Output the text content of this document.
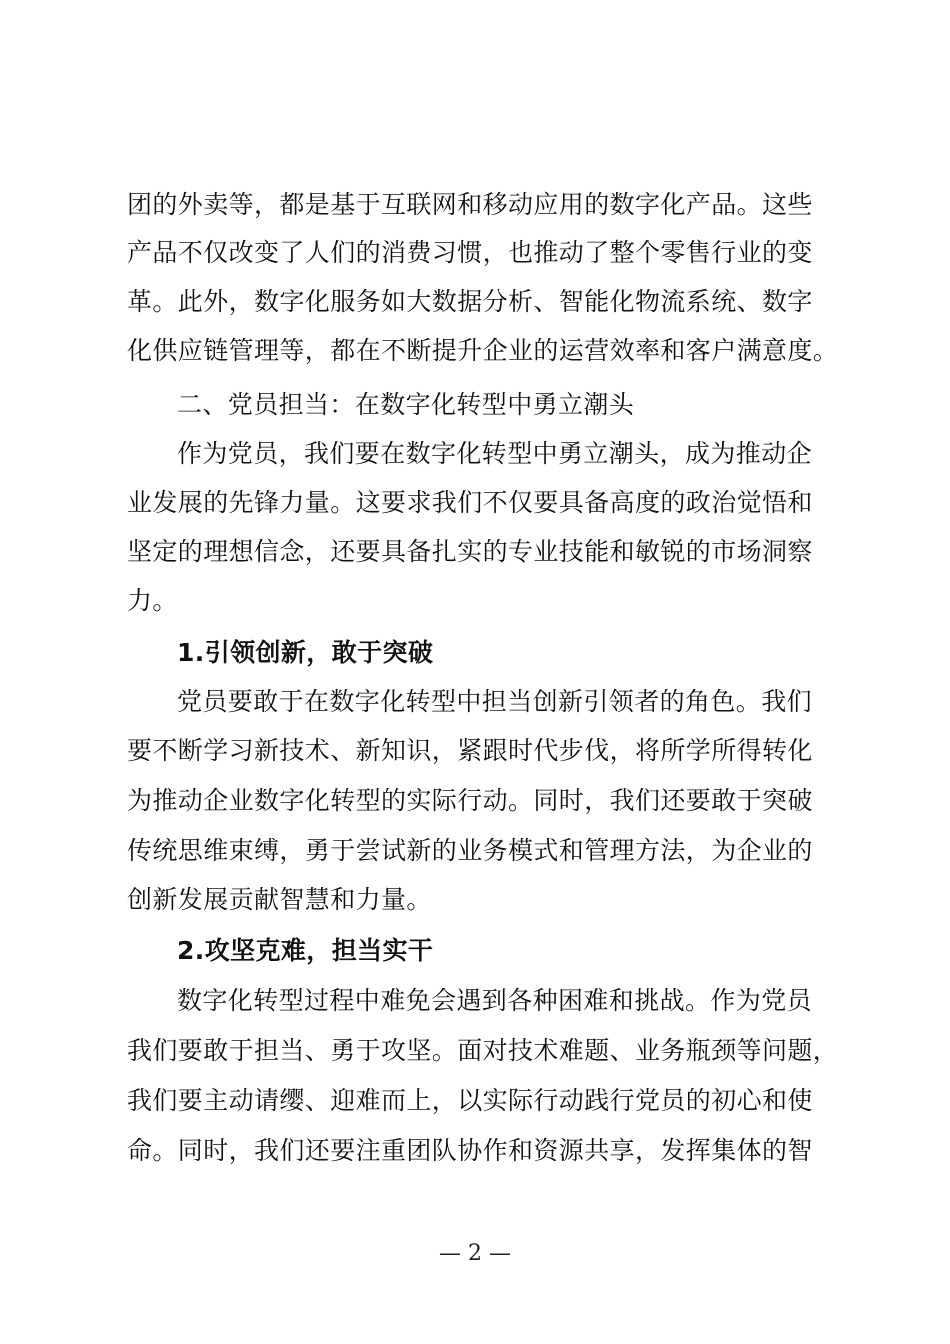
团的外卖等，都是基于互联网和移动应用的数字化产品。这些
产品不仅改变了人们的消费习惯，也推动了整个零售行业的变
革。此外，数字化服务如大数据分析、智能化物流系统、数字
化供应链管理等，都在不断提升企业的运营效率和客户满意度。
二、党员担当：在数字化转型中勇立潮头
作为党员，我们要在数字化转型中勇立潮头，成为推动企
业发展的先锋力量。这要求我们不仅要具备高度的政治觉悟和
坚定的理想信念，还要具备扎实的专业技能和敏锐的市场洞察
力。
1.引领创新，敢于突破
党员要敢于在数字化转型中担当创新引领者的角色。我们
要不断学习新技术、新知识，紧跟时代步伐，将所学所得转化
为推动企业数字化转型的实际行动。同时，我们还要敢于突破
传统思维束缚，勇于尝试新的业务模式和管理方法，为企业的
创新发展贡献智慧和力量。
2.攻坚克难，担当实干
数字化转型过程中难免会遇到各种困难和挑战。作为党员
我们要敢于担当、勇于攻坚。面对技术难题、业务瓶颈等问题，
我们要主动请缨、迎难而上，以实际行动践行党员的初心和使
命。同时，我们还要注重团队协作和资源共享，发挥集体的智
— 2 —
